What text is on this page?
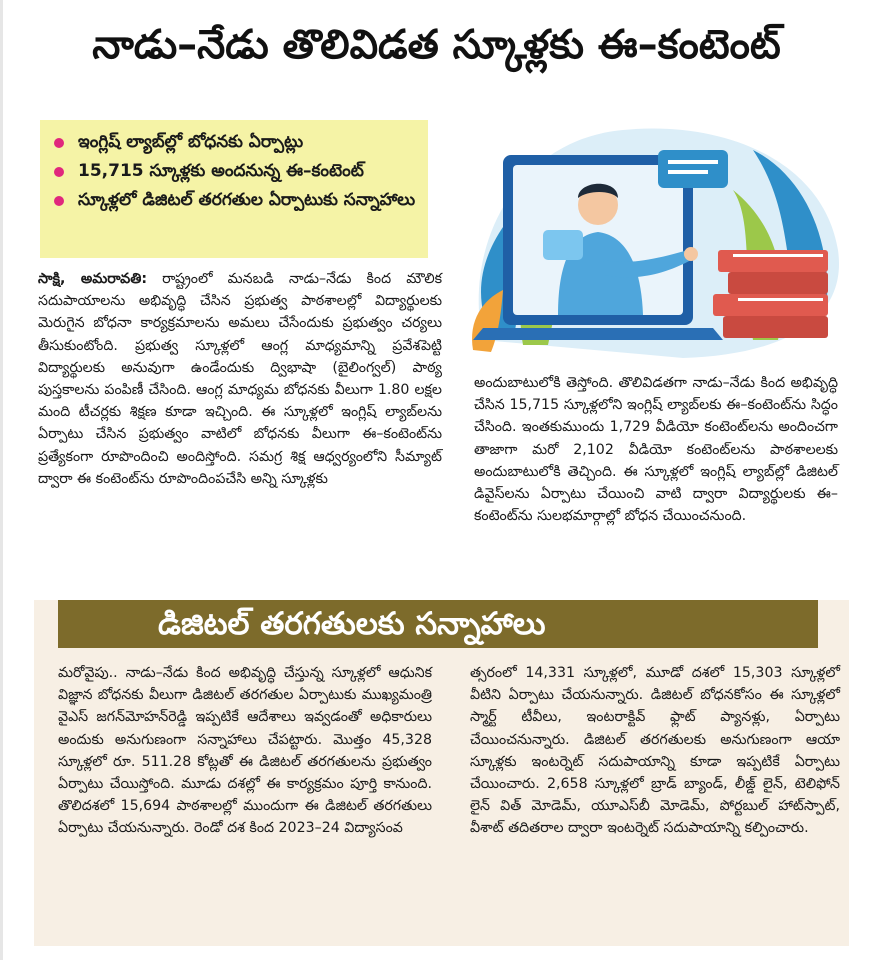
నాడు–నేడు తొలివిడత స్కూళ్లకు ఈ–కంటెంట్
ఇంగ్లిష్ ల్యాబ్‌ల్లో బోధనకు ఏర్పాట్లు
15,715 స్కూళ్లకు అందనున్న ఈ–కంటెంట్
స్కూళ్లలో డిజిటల్ తరగతుల ఏర్పాటుకు సన్నాహాలు

సాక్షి, అమరావతి: రాష్ట్రంలో మనబడి నాడు–నేడు కింద మౌలిక సదుపాయాలను అభివృద్ధి చేసిన ప్రభుత్వ పాఠశాలల్లో విద్యార్థులకు మెరుగైన బోధనా కార్యక్రమాలను అమలు చేసేందుకు ప్రభుత్వం చర్యలు తీసుకుంటోంది. ప్రభుత్వ స్కూళ్లలో ఆంగ్ల మాధ్యమాన్ని ప్రవేశపెట్టి విద్యార్థులకు అనువుగా ఉండేందుకు ద్విభాషా (బైలింగ్వల్) పాఠ్య పుస్తకాలను పంపిణీ చేసింది. ఆంగ్ల మాధ్యమ బోధనకు వీలుగా 1.80 లక్షల మంది టీచర్లకు శిక్షణ కూడా ఇచ్చింది. ఈ స్కూళ్లలో ఇంగ్లిష్ ల్యాబ్‌లను ఏర్పాటు చేసిన ప్రభుత్వం వాటిలో బోధనకు వీలుగా ఈ–కంటెంట్‌ను ప్రత్యేకంగా రూపొందించి అందిస్తోంది. సమగ్ర శిక్ష ఆధ్వర్యంలోని సీమ్యాట్ ద్వారా ఈ కంటెంట్‌ను రూపొందింపచేసి అన్ని స్కూళ్లకు

అందుబాటులోకి తెస్తోంది. తొలివిడతగా నాడు–నేడు కింద అభివృద్ధి చేసిన 15,715 స్కూళ్లలోని ఇంగ్లిష్ ల్యాబ్‌లకు ఈ–కంటెంట్‌ను సిద్ధం చేసింది. ఇంతకుముందు 1,729 వీడియో కంటెంట్‌లను అందించగా తాజాగా మరో 2,102 వీడియో కంటెంట్‌లను పాఠశాలలకు అందుబాటులోకి తెచ్చింది. ఈ స్కూళ్లలో ఇంగ్లిష్ ల్యాబ్‌ల్లో డిజిటల్ డివైస్‌లను ఏర్పాటు చేయించి వాటి ద్వారా విద్యార్థులకు ఈ–కంటెంట్‌ను సులభమార్గాల్లో బోధన చేయించనుంది.

డిజిటల్ తరగతులకు సన్నాహాలు

మరోవైపు.. నాడు–నేడు కింద అభివృద్ధి చేస్తున్న స్కూళ్లలో ఆధునిక విజ్ఞాన బోధనకు వీలుగా డిజిటల్ తరగతుల ఏర్పాటుకు ముఖ్యమంత్రి వైఎస్ జగన్‌మోహన్‌రెడ్డి ఇప్పటికే ఆదేశాలు ఇవ్వడంతో అధికారులు అందుకు అనుగుణంగా సన్నాహాలు చేపట్టారు. మొత్తం 45,328 స్కూళ్లలో రూ. 511.28 కోట్లతో ఈ డిజిటల్ తరగతులను ప్రభుత్వం ఏర్పాటు చేయిస్తోంది. మూడు దశల్లో ఈ కార్యక్రమం పూర్తి కానుంది. తొలిదశలో 15,694 పాఠశాలల్లో ముందుగా ఈ డిజిటల్ తరగతులు ఏర్పాటు చేయనున్నారు. రెండో దశ కింద 2023–24 విద్యాసంవ

త్సరంలో 14,331 స్కూళ్లలో, మూడో దశలో 15,303 స్కూళ్లలో వీటిని ఏర్పాటు చేయనున్నారు. డిజిటల్ బోధనకోసం ఈ స్కూళ్లలో స్మార్ట్ టీవీలు, ఇంటరాక్టివ్ ఫ్లాట్ ప్యానళ్లు, ఏర్పాటు చేయించనున్నారు. డిజిటల్ తరగతులకు అనుగుణంగా ఆయా స్కూళ్లకు ఇంటర్నెట్ సదుపాయాన్ని కూడా ఇప్పటికే ఏర్పాటు చేయించారు. 2,658 స్కూళ్లలో బ్రాడ్ బ్యాండ్, లీజ్డ్ లైన్, టెలిఫోన్ లైన్ విత్ మోడెమ్, యూఎస్‌బీ మోడెమ్, పోర్టబుల్ హాట్‌స్పాట్, వీశాట్ తదితరాల ద్వారా ఇంటర్నెట్ సదుపాయాన్ని కల్పించారు.
